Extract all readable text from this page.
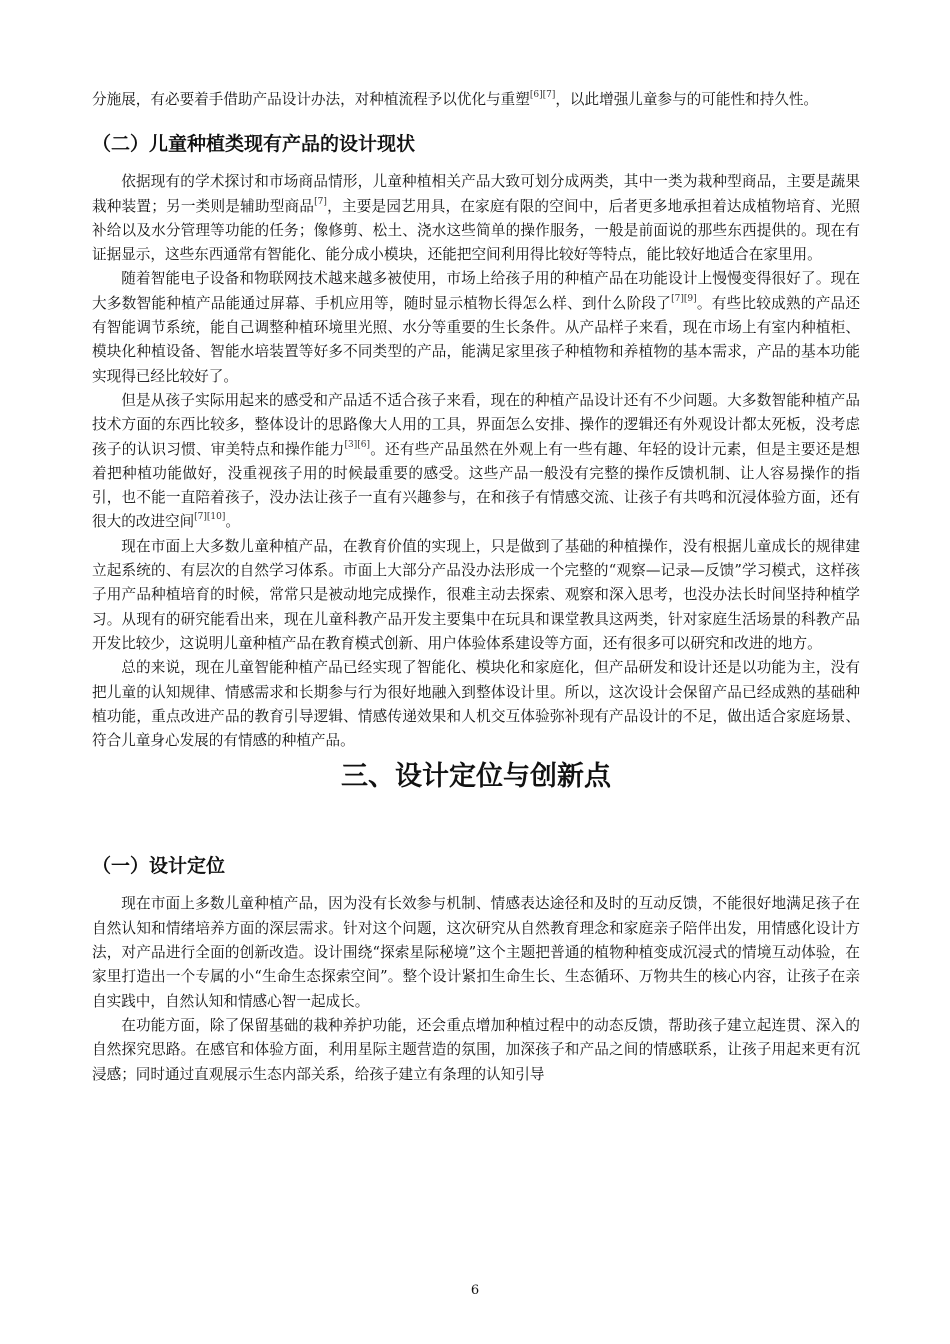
分施展，有必要着手借助产品设计办法，对种植流程予以优化与重塑[6][7]，以此增强儿童参与的可能性和持久性。

（二）儿童种植类现有产品的设计现状

依据现有的学术探讨和市场商品情形，儿童种植相关产品大致可划分成两类，其中一类为栽种型商品，主要是蔬果栽种装置；另一类则是辅助型商品[7]，主要是园艺用具，在家庭有限的空间中，后者更多地承担着达成植物培育、光照补给以及水分管理等功能的任务；像修剪、松土、浇水这些简单的操作服务，一般是前面说的那些东西提供的。现在有证据显示，这些东西通常有智能化、能分成小模块，还能把空间利用得比较好等特点，能比较好地适合在家里用。

随着智能电子设备和物联网技术越来越多被使用，市场上给孩子用的种植产品在功能设计上慢慢变得很好了。现在大多数智能种植产品能通过屏幕、手机应用等，随时显示植物长得怎么样、到什么阶段了[7][9]。有些比较成熟的产品还有智能调节系统，能自己调整种植环境里光照、水分等重要的生长条件。从产品样子来看，现在市场上有室内种植柜、模块化种植设备、智能水培装置等好多不同类型的产品，能满足家里孩子种植物和养植物的基本需求，产品的基本功能实现得已经比较好了。

但是从孩子实际用起来的感受和产品适不适合孩子来看，现在的种植产品设计还有不少问题。大多数智能种植产品技术方面的东西比较多，整体设计的思路像大人用的工具，界面怎么安排、操作的逻辑还有外观设计都太死板，没考虑孩子的认识习惯、审美特点和操作能力[3][6]。还有些产品虽然在外观上有一些有趣、年轻的设计元素，但是主要还是想着把种植功能做好，没重视孩子用的时候最重要的感受。这些产品一般没有完整的操作反馈机制、让人容易操作的指引，也不能一直陪着孩子，没办法让孩子一直有兴趣参与，在和孩子有情感交流、让孩子有共鸣和沉浸体验方面，还有很大的改进空间[7][10]。

现在市面上大多数儿童种植产品，在教育价值的实现上，只是做到了基础的种植操作，没有根据儿童成长的规律建立起系统的、有层次的自然学习体系。市面上大部分产品没办法形成一个完整的“观察—记录—反馈”学习模式，这样孩子用产品种植培育的时候，常常只是被动地完成操作，很难主动去探索、观察和深入思考，也没办法长时间坚持种植学习。从现有的研究能看出来，现在儿童科教产品开发主要集中在玩具和课堂教具这两类，针对家庭生活场景的科教产品开发比较少，这说明儿童种植产品在教育模式创新、用户体验体系建设等方面，还有很多可以研究和改进的地方。

总的来说，现在儿童智能种植产品已经实现了智能化、模块化和家庭化，但产品研发和设计还是以功能为主，没有把儿童的认知规律、情感需求和长期参与行为很好地融入到整体设计里。所以，这次设计会保留产品已经成熟的基础种植功能，重点改进产品的教育引导逻辑、情感传递效果和人机交互体验弥补现有产品设计的不足，做出适合家庭场景、符合儿童身心发展的有情感的种植产品。

三、设计定位与创新点
（一）设计定位

现在市面上多数儿童种植产品，因为没有长效参与机制、情感表达途径和及时的互动反馈，不能很好地满足孩子在自然认知和情绪培养方面的深层需求。针对这个问题，这次研究从自然教育理念和家庭亲子陪伴出发，用情感化设计方法，对产品进行全面的创新改造。设计围绕“探索星际秘境”这个主题把普通的植物种植变成沉浸式的情境互动体验，在家里打造出一个专属的小“生命生态探索空间”。整个设计紧扣生命生长、生态循环、万物共生的核心内容，让孩子在亲自实践中，自然认知和情感心智一起成长。

在功能方面，除了保留基础的栽种养护功能，还会重点增加种植过程中的动态反馈，帮助孩子建立起连贯、深入的自然探究思路。在感官和体验方面，利用星际主题营造的氛围，加深孩子和产品之间的情感联系，让孩子用起来更有沉浸感；同时通过直观展示生态内部关系，给孩子建立有条理的认知引导

6
